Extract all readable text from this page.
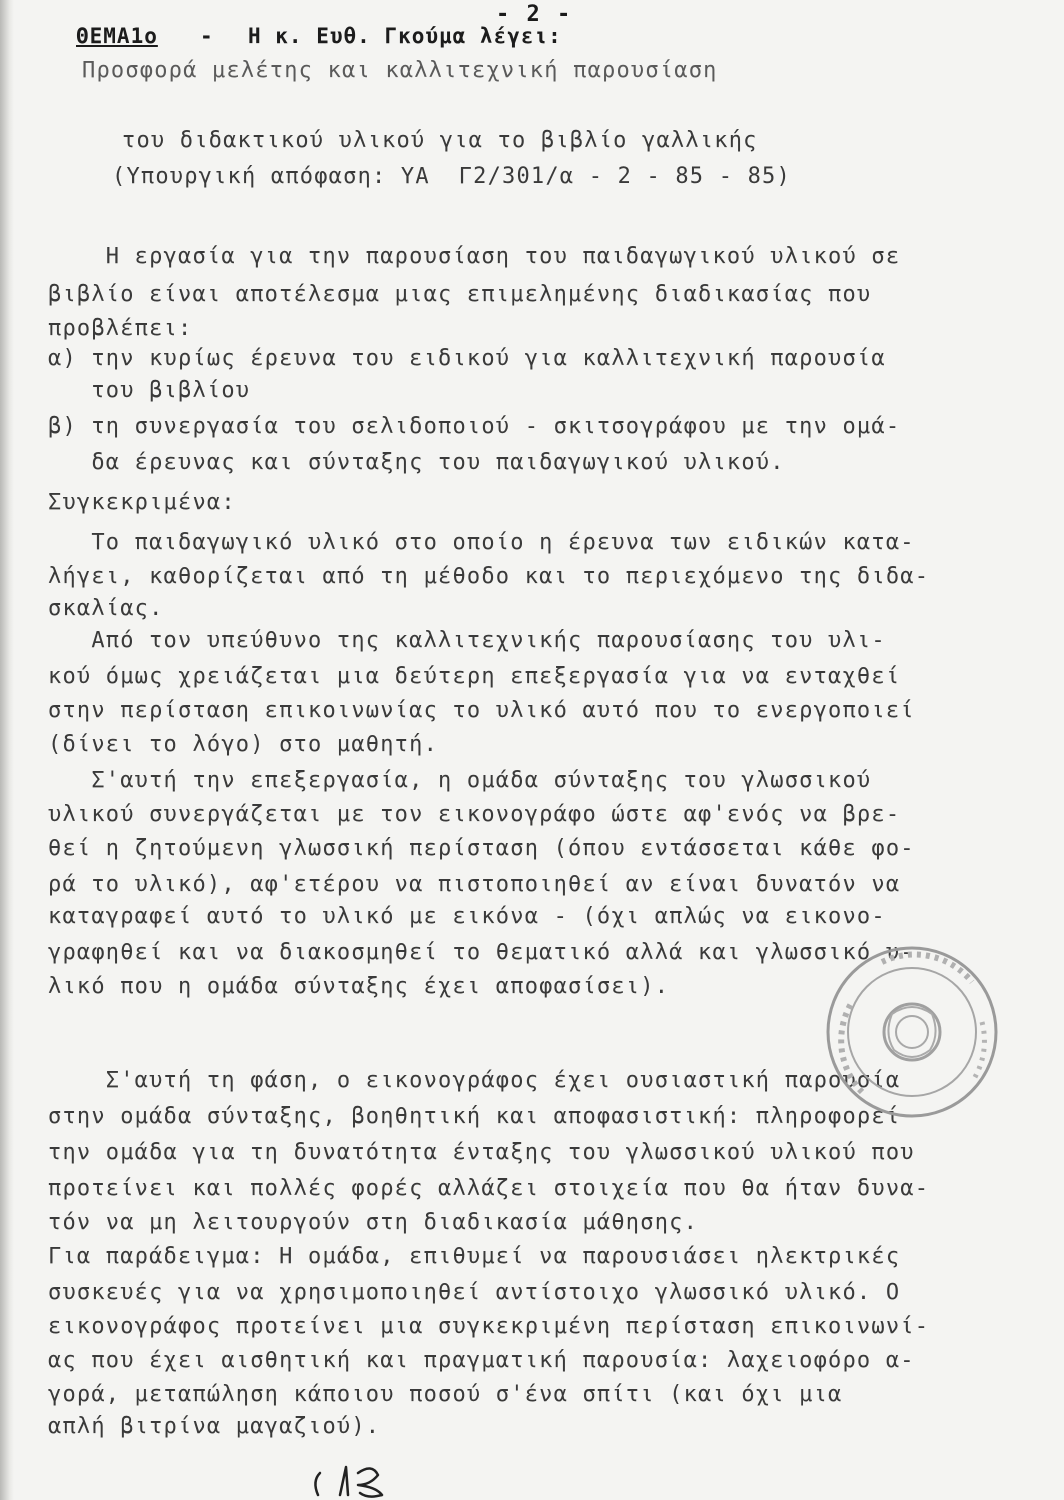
- 2 -
ΘΕΜΑ1ο - Η κ. Ευθ. Γκούμα λέγει:
Προσφορά μελέτης και καλλιτεχνική παρουσίαση
του διδακτικού υλικού για το βιβλίο γαλλικής
(Υπουργική απόφαση: ΥΑ  Γ2/301/α - 2 - 85 - 85)
Η εργασία για την παρουσίαση του παιδαγωγικού υλικού σε
βιβλίο είναι αποτέλεσμα μιας επιμελημένης διαδικασίας που
προβλέπει:
α) την κυρίως έρευνα του ειδικού για καλλιτεχνική παρουσία
του βιβλίου
β) τη συνεργασία του σελιδοποιού - σκιτσογράφου με την ομά-
δα έρευνας και σύνταξης του παιδαγωγικού υλικού.
Συγκεκριμένα:
Το παιδαγωγικό υλικό στο οποίο η έρευνα των ειδικών κατα-
λήγει, καθορίζεται από τη μέθοδο και το περιεχόμενο της διδα-
σκαλίας.
Από τον υπεύθυνο της καλλιτεχνικής παρουσίασης του υλι-
κού όμως χρειάζεται μια δεύτερη επεξεργασία για να ενταχθεί
στην περίσταση επικοινωνίας το υλικό αυτό που το ενεργοποιεί
(δίνει το λόγο) στο μαθητή.
Σ'αυτή την επεξεργασία, η ομάδα σύνταξης του γλωσσικού
υλικού συνεργάζεται με τον εικονογράφο ώστε αφ'ενός να βρε-
θεί η ζητούμενη γλωσσική περίσταση (όπου εντάσσεται κάθε φο-
ρά το υλικό), αφ'ετέρου να πιστοποιηθεί αν είναι δυνατόν να
καταγραφεί αυτό το υλικό με εικόνα - (όχι απλώς να εικονο-
γραφηθεί και να διακοσμηθεί το θεματικό αλλά και γλωσσικό υ-
λικό που η ομάδα σύνταξης έχει αποφασίσει).
Σ'αυτή τη φάση, ο εικονογράφος έχει ουσιαστική παρουσία
στην ομάδα σύνταξης, βοηθητική και αποφασιστική: πληροφορεί
την ομάδα για τη δυνατότητα ένταξης του γλωσσικού υλικού που
προτείνει και πολλές φορές αλλάζει στοιχεία που θα ήταν δυνα-
τόν να μη λειτουργούν στη διαδικασία μάθησης.
Για παράδειγμα: Η ομάδα, επιθυμεί να παρουσιάσει ηλεκτρικές
συσκευές για να χρησιμοποιηθεί αντίστοιχο γλωσσικό υλικό. Ο
εικονογράφος προτείνει μια συγκεκριμένη περίσταση επικοινωνί-
ας που έχει αισθητική και πραγματική παρουσία: λαχειοφόρο α-
γορά, μεταπώληση κάποιου ποσού σ'ένα σπίτι (και όχι μια
απλή βιτρίνα μαγαζιού).
